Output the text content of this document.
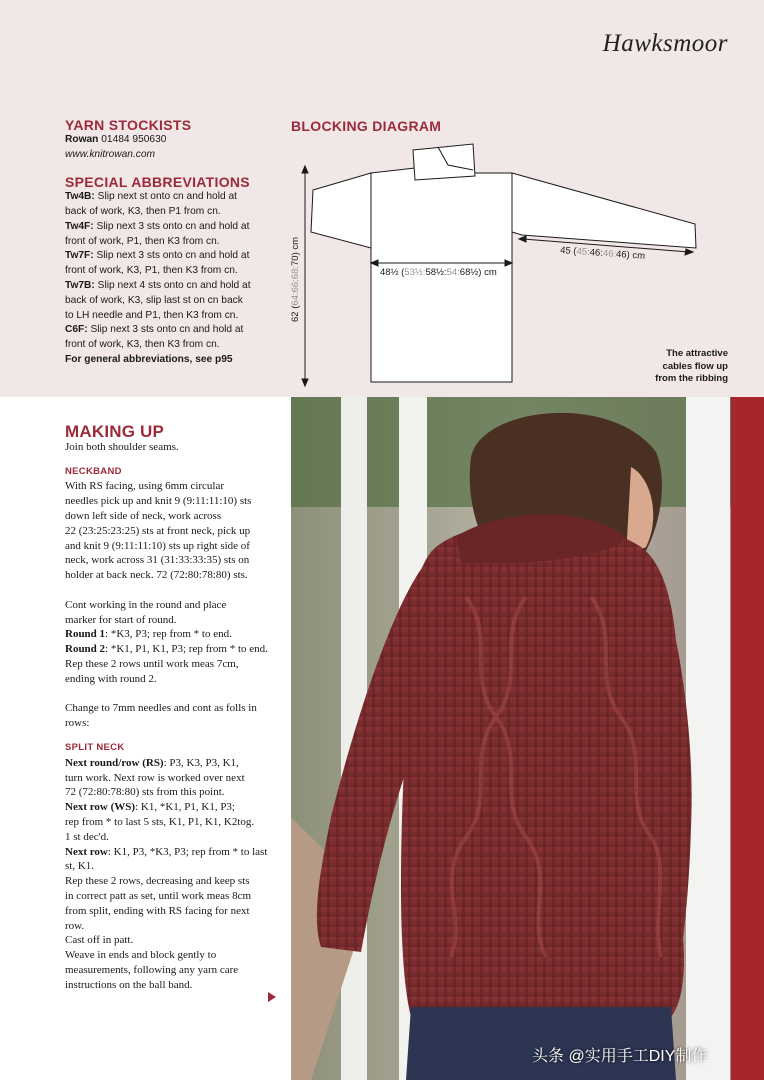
Hawksmoor
YARN STOCKISTS

Rowan 01484 950630

www.knitrowan.com

SPECIAL ABBREVIATIONS

Tw4B: Slip next st onto cn and hold at

back of work, K3, then P1 from cn.

Tw4F: Slip next 3 sts onto cn and hold at

front of work, P1, then K3 from cn.

Tw7F: Slip next 3 sts onto cn and hold at

front of work, K3, P1, then K3 from cn.

Tw7B: Slip next 4 sts onto cn and hold at

back of work, K3, slip last st on cn back

to LH needle and P1, then K3 from cn.

C6F: Slip next 3 sts onto cn and hold at

front of work, K3, then K3 from cn.

For general abbreviations, see p95

BLOCKING DIAGRAM
62 (64:66:68:70) cm
48½ (53½:58½:54:68½) cm
45 (45:46:46:46) cm
The attractive
cables flow up
from the ribbing
MAKING UP

Join both shoulder seams.

NECKBAND

With RS facing, using 6mm circular

needles pick up and knit 9 (9:11:11:10) sts

down left side of neck, work across

22 (23:25:23:25) sts at front neck, pick up

and knit 9 (9:11:11:10) sts up right side of

neck, work across 31 (31:33:33:35) sts on

holder at back neck. 72 (72:80:78:80) sts.

Cont working in the round and place

marker for start of round.

Round 1: *K3, P3; rep from * to end.

Round 2: *K1, P1, K1, P3; rep from * to end.

Rep these 2 rows until work meas 7cm,

ending with round 2.

Change to 7mm needles and cont as folls in

rows:

SPLIT NECK

Next round/row (RS): P3, K3, P3, K1,

turn work. Next row is worked over next

72 (72:80:78:80) sts from this point.

Next row (WS): K1, *K1, P1, K1, P3;

rep from * to last 5 sts, K1, P1, K1, K2tog.

1 st dec'd.

Next row: K1, P3, *K3, P3; rep from * to last

st, K1.

Rep these 2 rows, decreasing and keep sts

in correct patt as set, until work meas 8cm

from split, ending with RS facing for next

row.

Cast off in patt.

Weave in ends and block gently to

measurements, following any yarn care

instructions on the ball band.

头条 @实用手工DIY制作
